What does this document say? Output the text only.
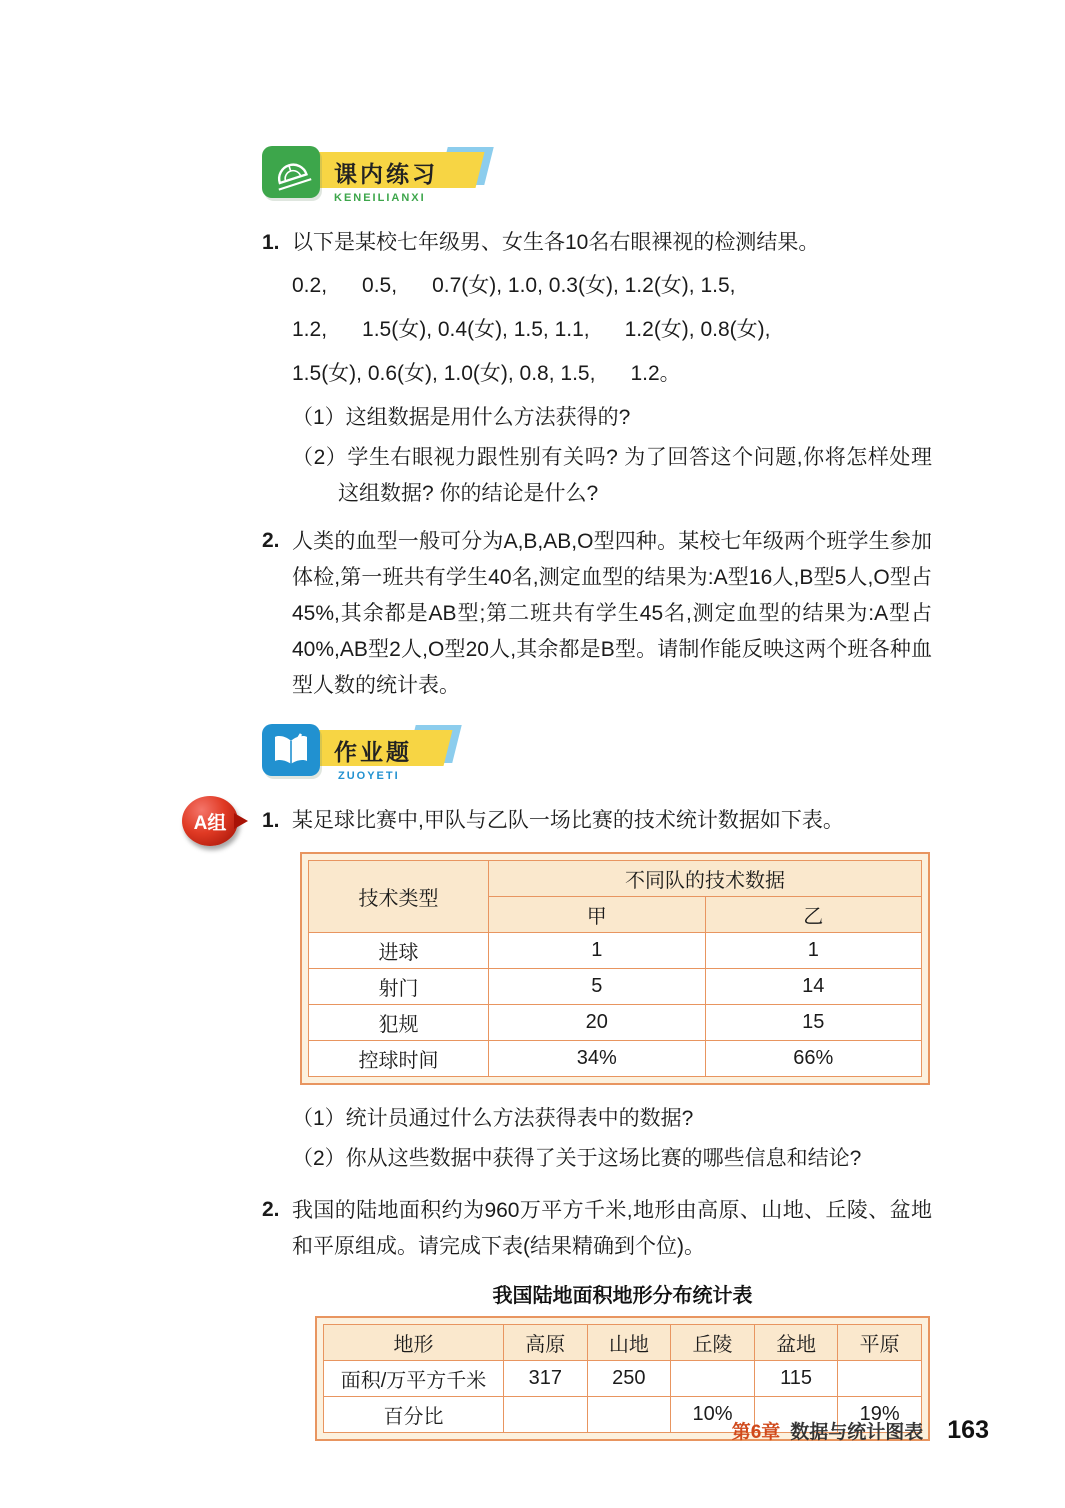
课内练习
KENEILIANXI
1. 以下是某校七年级男、女生各10名右眼裸视的检测结果。
0.2,      0.5,      0.7(女), 1.0, 0.3(女), 1.2(女), 1.5,
1.2,      1.5(女), 0.4(女), 1.5, 1.1,      1.2(女), 0.8(女),
1.5(女), 0.6(女), 1.0(女), 0.8, 1.5,      1.2。
（1）这组数据是用什么方法获得的?
（2）学生右眼视力跟性别有关吗? 为了回答这个问题,你将怎样处理这组数据? 你的结论是什么?
2. 人类的血型一般可分为A,B,AB,O型四种。某校七年级两个班学生参加体检,第一班共有学生40名,测定血型的结果为:A型16人,B型5人,O型占45%,其余都是AB型;第二班共有学生45名,测定血型的结果为:A型占40%,AB型2人,O型20人,其余都是B型。请制作能反映这两个班各种血型人数的统计表。
作业题
ZUOYETI
A组	1. 某足球比赛中,甲队与乙队一场比赛的技术统计数据如下表。
技术类型	不同队的技术数据	
	甲	乙
进球	1	1
射门	5	14
犯规	20	15
控球时间	34%	66%
（1）统计员通过什么方法获得表中的数据?
（2）你从这些数据中获得了关于这场比赛的哪些信息和结论?
2. 我国的陆地面积约为960万平方千米,地形由高原、山地、丘陵、盆地和平原组成。请完成下表(结果精确到个位)。
我国陆地面积地形分布统计表
地形	高原	山地	丘陵	盆地	平原
面积/万平方千米	317	250		115	
百分比			10%		19%
第6章 数据与统计图表 163
